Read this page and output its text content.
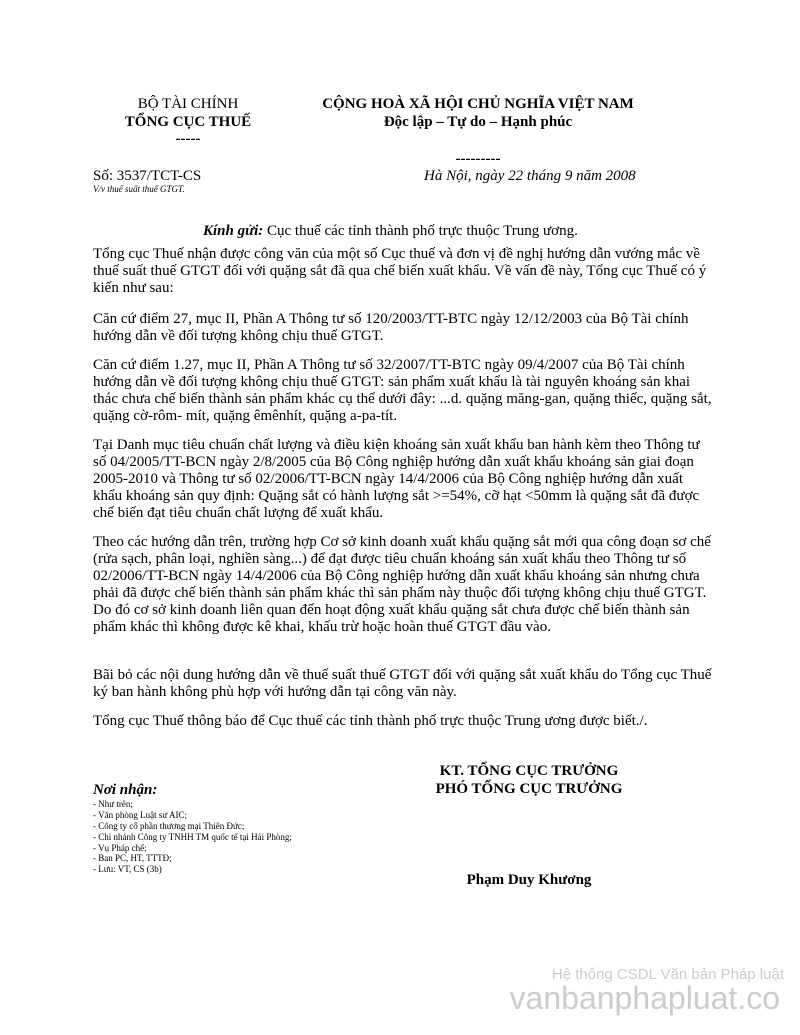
BỘ TÀI CHÍNH
TỔNG CỤC THUẾ
-----
CỘNG HOÀ XÃ HỘI CHỦ NGHĨA VIỆT NAM
Độc lập – Tự do – Hạnh phúc
---------
Số: 3537/TCT-CS
V/v thuế suất thuế GTGT.
Hà Nội, ngày 22 tháng 9 năm 2008
Kính gửi: Cục thuế các tỉnh thành phố trực thuộc Trung ương.

Tổng cục Thuế nhận được công văn của một số Cục thuế và đơn vị đề nghị hướng dẫn vướng mắc về thuế suất thuế GTGT đối với quặng sắt đã qua chế biến xuất khẩu. Về vấn đề này, Tổng cục Thuế có ý kiến như sau:

Căn cứ điểm 27, mục II, Phần A Thông tư số 120/2003/TT-BTC ngày 12/12/2003 của Bộ Tài chính hướng dẫn về đối tượng không chịu thuế GTGT.

Căn cứ điểm 1.27, mục II, Phần A Thông tư số 32/2007/TT-BTC ngày 09/4/2007 của Bộ Tài chính hướng dẫn về đối tượng không chịu thuế GTGT: sản phẩm xuất khẩu là tài nguyên khoáng sản khai thác chưa chế biến thành sản phẩm khác cụ thể dưới đây: ...d. quặng măng-gan, quặng thiếc, quặng sắt, quặng cờ-rôm- mít, quặng êmênhít, quặng a-pa-tít.

Tại Danh mục tiêu chuẩn chất lượng và điều kiện khoáng sản xuất khẩu ban hành kèm theo Thông tư số 04/2005/TT-BCN ngày 2/8/2005 của Bộ Công nghiệp hướng dẫn xuất khẩu khoáng sản giai đoạn 2005-2010 và Thông tư số 02/2006/TT-BCN ngày 14/4/2006 của Bộ Công nghiệp hướng dẫn xuất khẩu khoáng sản quy định: Quặng sắt có hành lượng sắt >=54%, cỡ hạt <50mm là quặng sắt đã được chế biến đạt tiêu chuẩn chất lượng để xuất khẩu.

Theo các hướng dẫn trên, trường hợp Cơ sở kinh doanh xuất khẩu quặng sắt mới qua công đoạn sơ chế (rửa sạch, phân loại, nghiền sàng...) để đạt được tiêu chuẩn khoáng sản xuất khẩu theo Thông tư số 02/2006/TT-BCN ngày 14/4/2006 của Bộ Công nghiệp hướng dẫn xuất khẩu khoáng sản nhưng chưa phải đã được chế biến thành sản phẩm khác thì sản phẩm này thuộc đối tượng không chịu thuế GTGT. Do đó cơ sở kinh doanh liên quan đến hoạt động xuất khẩu quặng sắt chưa được chế biến thành sản phẩm khác thì không được kê khai, khấu trừ hoặc hoàn thuế GTGT đầu vào.

Bãi bỏ các nội dung hướng dẫn về thuế suất thuế GTGT đối với quặng sắt xuất khẩu do Tổng cục Thuế ký ban hành không phù hợp với hướng dẫn tại công văn này.

Tổng cục Thuế thông báo để Cục thuế các tỉnh thành phố trực thuộc Trung ương được biết./.

Nơi nhận:
- Như trên;
- Văn phòng Luật sư AIC;
- Công ty cổ phần thương mại Thiên Đức;
- Chi nhánh Công ty TNHH TM quốc tế tại Hải Phòng;
- Vụ Pháp chế;
- Ban PC, HT, TTTĐ;
- Lưu: VT, CS (3b)
KT. TỔNG CỤC TRƯỞNG
PHÓ TỔNG CỤC TRƯỞNG
Phạm Duy Khương
Hệ thống CSDL Văn bản Pháp luật
vanbanphapluat.co
